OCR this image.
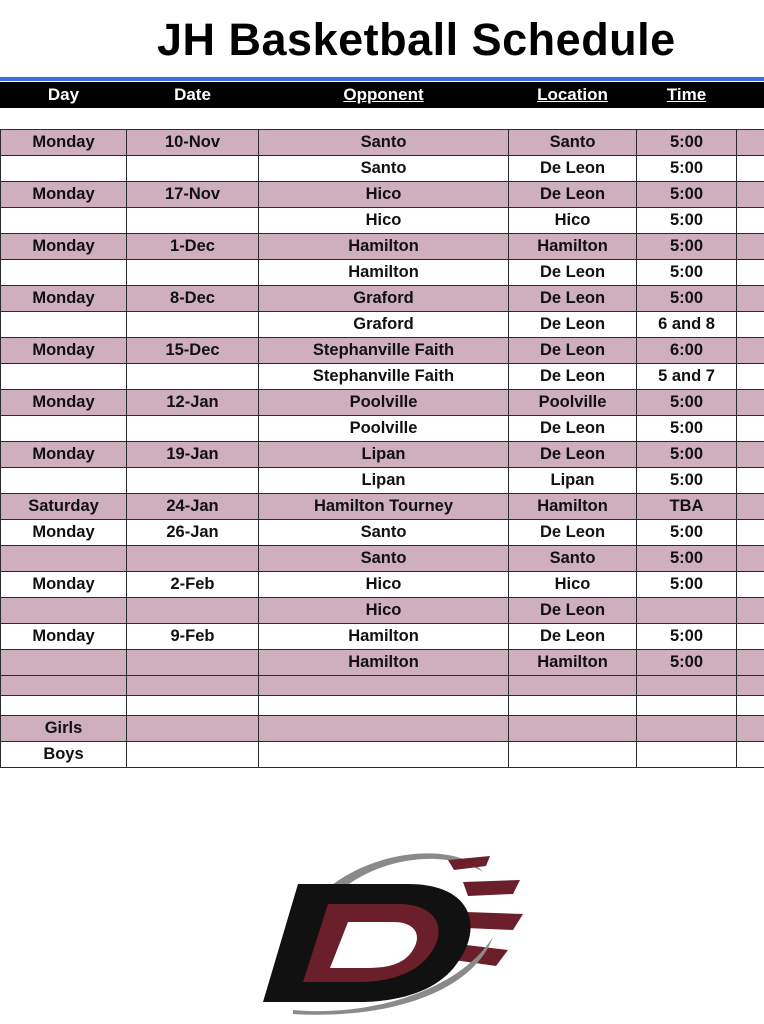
JH Basketball Schedule
Day	Date	Opponent	Location	Time	

Monday	10-Nov	Santo	Santo	5:00	
		Santo	De Leon	5:00	
Monday	17-Nov	Hico	De Leon	5:00	
		Hico	Hico	5:00	
Monday	1-Dec	Hamilton	Hamilton	5:00	
		Hamilton	De Leon	5:00	
Monday	8-Dec	Graford	De Leon	5:00	
		Graford	De Leon	6 and 8	
Monday	15-Dec	Stephanville Faith	De Leon	6:00	
		Stephanville Faith	De Leon	5 and 7	
Monday	12-Jan	Poolville	Poolville	5:00	
		Poolville	De Leon	5:00	
Monday	19-Jan	Lipan	De Leon	5:00	
		Lipan	Lipan	5:00	
Saturday	24-Jan	Hamilton Tourney	Hamilton	TBA	
Monday	26-Jan	Santo	De Leon	5:00	
		Santo	Santo	5:00	
Monday	2-Feb	Hico	Hico	5:00	
		Hico	De Leon		
Monday	9-Feb	Hamilton	De Leon	5:00	
		Hamilton	Hamilton	5:00	

Girls					
Boys					
